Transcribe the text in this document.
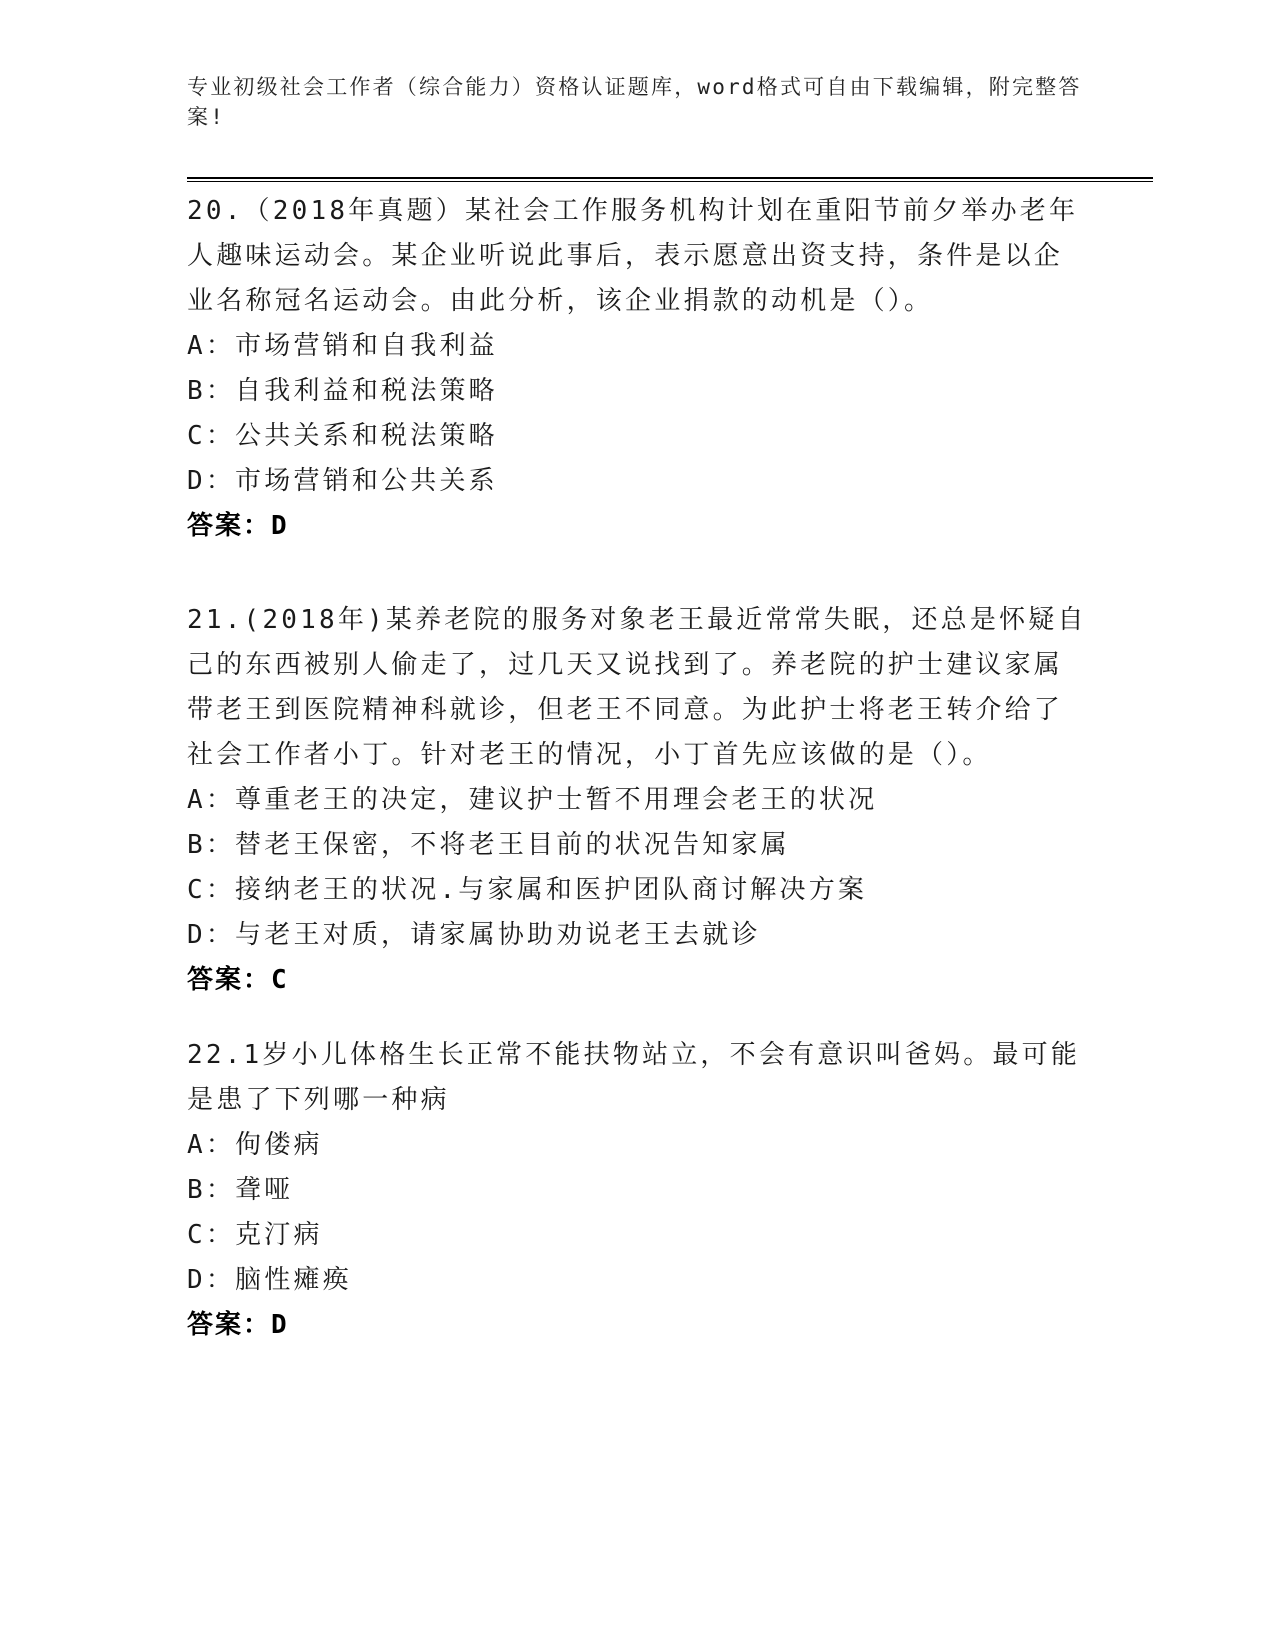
专业初级社会工作者（综合能力）资格认证题库，word格式可自由下载编辑，附完整答案!

20.（2018年真题）某社会工作服务机构计划在重阳节前夕举办老年人趣味运动会。某企业听说此事后，表示愿意出资支持，条件是以企业名称冠名运动会。由此分析，该企业捐款的动机是（）。

A：市场营销和自我利益

B：自我利益和税法策略

C：公共关系和税法策略

D：市场营销和公共关系

答案：D

21.(2018年)某养老院的服务对象老王最近常常失眠，还总是怀疑自己的东西被别人偷走了，过几天又说找到了。养老院的护士建议家属带老王到医院精神科就诊，但老王不同意。为此护士将老王转介给了社会工作者小丁。针对老王的情况，小丁首先应该做的是（）。

A：尊重老王的决定，建议护士暂不用理会老王的状况

B：替老王保密，不将老王目前的状况告知家属

C：接纳老王的状况.与家属和医护团队商讨解决方案

D：与老王对质，请家属协助劝说老王去就诊

答案：C

22.1岁小儿体格生长正常不能扶物站立，不会有意识叫爸妈。最可能是患了下列哪一种病

A：佝偻病

B：聋哑

C：克汀病

D：脑性瘫痪

答案：D
